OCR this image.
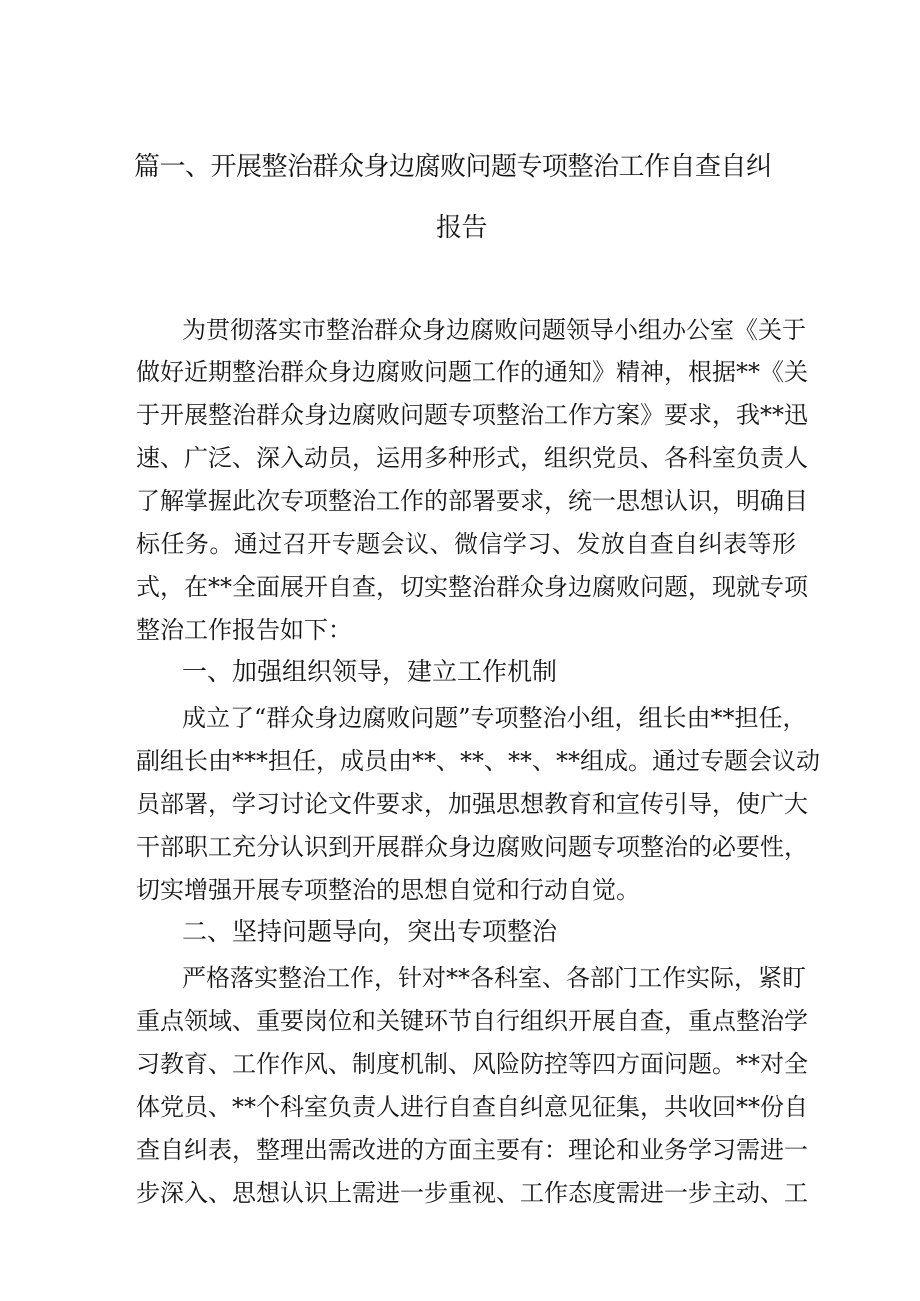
篇一、开展整治群众身边腐败问题专项整治工作自查自纠
报告
为贯彻落实市整治群众身边腐败问题领导小组办公室《关于
做好近期整治群众身边腐败问题工作的通知》精神，根据**《关
于开展整治群众身边腐败问题专项整治工作方案》要求，我**迅
速、广泛、深入动员，运用多种形式，组织党员、各科室负责人
了解掌握此次专项整治工作的部署要求，统一思想认识，明确目
标任务。通过召开专题会议、微信学习、发放自查自纠表等形
式，在**全面展开自查，切实整治群众身边腐败问题，现就专项
整治工作报告如下：
一、加强组织领导，建立工作机制
成立了“群众身边腐败问题”专项整治小组，组长由**担任，
副组长由***担任，成员由**、**、**、**组成。通过专题会议动
员部署，学习讨论文件要求，加强思想教育和宣传引导，使广大
干部职工充分认识到开展群众身边腐败问题专项整治的必要性，
切实增强开展专项整治的思想自觉和行动自觉。
二、坚持问题导向，突出专项整治
严格落实整治工作，针对**各科室、各部门工作实际，紧盯
重点领域、重要岗位和关键环节自行组织开展自查，重点整治学
习教育、工作作风、制度机制、风险防控等四方面问题。**对全
体党员、**个科室负责人进行自查自纠意见征集，共收回**份自
查自纠表，整理出需改进的方面主要有：理论和业务学习需进一
步深入、思想认识上需进一步重视、工作态度需进一步主动、工
